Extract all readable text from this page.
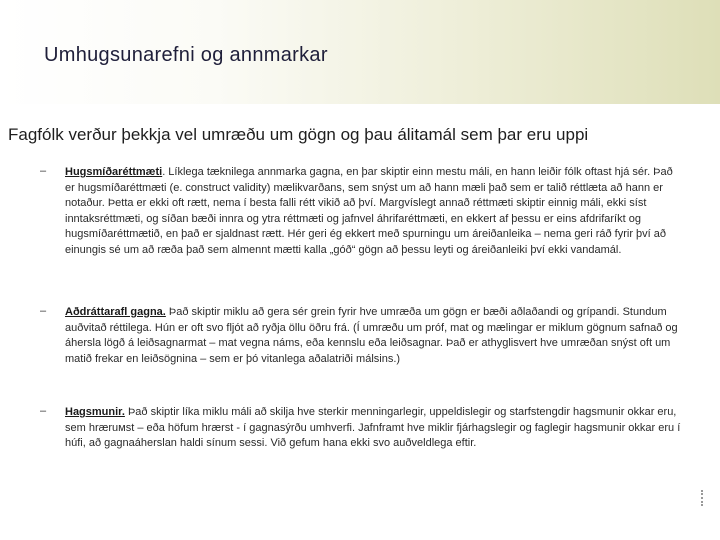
Umhugsunarefni og annmarkar
Fagfólk verður þekkja vel umræðu um gögn og þau álitamál sem þar eru uppi
– Hugsmíðaréttmæti. Líklega tæknilega annmarka gagna, en þar skiptir einn mestu máli, en hann leiðir fólk oftast hjá sér. Það er hugsmíðaréttmæti (e. construct validity) mælikvarðans, sem snýst um að hann mæli það sem er talið réttlæta að hann er notaður. Þetta er ekki oft rætt, nema í besta falli rétt vikið að því. Margvíslegt annað réttmæti skiptir einnig máli, ekki síst inntaksréttmæti, og síðan bæði innra og ytra réttmæti og jafnvel áhrifaréttmæti, en ekkert af þessu er eins afdrifaríkt og hugsmíðaréttmætið, en það er sjaldnast rætt. Hér geri ég ekkert með spurningu um áreiðanleika – nema geri ráð fyrir því að einungis sé um að ræða það sem almennt mætti kalla „góð“ gögn að þessu leyti og áreiðanleiki því ekki vandamál.
– Aðdráttarafl gagna. Það skiptir miklu að gera sér grein fyrir hve umræða um gögn er bæði aðlaðandi og grípandi. Stundum auðvitað réttilega. Hún er oft svo fljót að ryðja öllu öðru frá. (Í umræðu um próf, mat og mælingar er miklum gögnum safnað og áhersla lögð á leiðsagnarmat – mat vegna náms, eða kennslu eða leiðsagnar. Það er athyglisvert hve umræðan snýst oft um matið frekar en leiðsögnina – sem er þó vitanlega aðalatriði málsins.)
– Hagsmunir. Það skiptir líka miklu máli að skilja hve sterkir menningarlegir, uppeldislegir og starfstengdir hagsmunir okkar eru, sem hræruмst – eða höfum hrærst - í gagnasýrðu umhverfi. Jafnframt hve miklir fjárhagslegir og faglegir hagsmunir okkar eru í húfi, að gagnaáherslan haldi sínum sessi. Við gefum hana ekki svo auðveldlega eftir.
